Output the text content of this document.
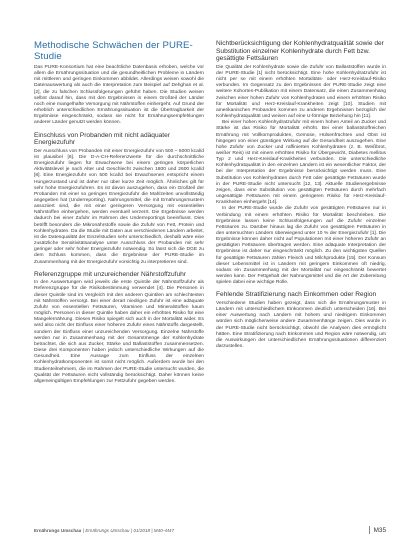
Methodische Schwächen der PURE-Studie

Das PURE-Konsortium hat eine beachtliche Datenbasis erhoben, welche vor allem die Ernährungssituation und die gesundheitlichen Probleme in Ländern mit mittleren und geringen Einkommen abbildet. Allerdings weisen sowohl die Datenauswertung als auch die Interpretation zum Beispiel auf Dehghan et al. [2], die zu falschen Schlussfolgerungen geführt haben. Die Studien weisen selbst darauf hin, dass mit den Ergebnissen in einem Großteil der Länder noch eine mangelhafte Versorgung mit Nährstoffen einhergeht. Auf Grund der erheblich unterschiedlichen Ernährungssituation ist die Übertragbarkeit der Ergebnisse eingeschränkt, sodass sie nicht für Ernährungsempfehlungen anderer Länder genutzt werden können.

Einschluss von Probanden mit nicht adäquater Energiezufuhr

Der Ausschluss von Probanden mit einer Energiezufuhr von 500 – 5000 kcal/d ist plausibel [6]. Die D-A-CH-Referenzwerte für die durchschnittliche Energiezufuhr liegen für Erwachsene bei einem geringen körperlichen Aktivitätslevel je nach Alter und Geschlecht zwischen 1800 und 2600 kcal/d [8]. Eine Energiezufuhr von 500 kcal/d bei Erwachsenen entspricht einem Hungerzustand und ist daher nur über kurze Zeit möglich. Ähnliches gilt für sehr hohe Energiezufuhren. Es ist davon auszugehen, dass ein Großteil der Probanden mit einer so geringen Energiezufuhr die Mahlzeiten unvollständig angegeben hat (Underreporting). Nahrungsmittel, die mit Ernährungsmustern assoziiert sind, die mit einer geringeren Versorgung mit essentiellen Nährstoffen einhergehen, werden eventuell verzerrt. Die Ergebnisse werden dadurch bei einer Zufuhr im Rahmen des Underreportings beeinflusst. Dies betrifft besonders die Mikronährstoffe sowie die Zufuhr von Fett, Protein und Kohlenhydraten. Da die Studie mit Daten aus verschiedenen Ländern arbeitet, ist die Datenqualität der Einzelstudien sehr unterschiedlich, deshalb wäre eine zusätzliche Sensitivitätsanalyse unter Ausschluss der Probanden mit sehr geringer oder sehr hoher Energiezufuhr notwendig. So lässt sich die DGE zu dem Schluss kommen, dass die Ergebnisse der PURE-Studie im Zusammenhang mit der Energiezufuhr vorsichtig zu interpretieren sind.

Referenzgruppe mit unzureichender Nährstoffzufuhr

In den Auswertungen wird jeweils die erste Quintile der Nährstoffzufuhr als Referenzgruppe für die Risikobestimmung verwendet [4]. Die Personen in dieser Quintile sind im Vergleich mit den anderen Quintilen am schlechtesten mit Nährstoffen versorgt. Bei einer derart niedrigen Zufuhr ist eine adäquate Zufuhr von essentiellen Fettsäuren, Vitaminen und Mineralstoffen kaum möglich. Personen in dieser Quintile haben daher ein erhöhtes Risiko für eine Mangelernährung. Dieses Risiko spiegelt sich auch in der Mortalität wider. Es wird also nicht der Einfluss einer höheren Zufuhr eines Nährstoffs dargestellt, sondern der Einfluss einer unzureichenden Versorgung. Einzelne Nährstoffe werden nur in Zusammenhang mit der Gesamtmenge der Kohlenhydrate betrachtet, die sich aus Zucker, Stärke und Ballaststoffen zusammensetzen. Diese drei Komponenten haben jedoch unterschiedliche Wirkungen auf die Gesundheit. Eine Aussage zum Einfluss der einzelnen Kohlenhydratkomponenten ist somit nicht möglich. Außerdem wurde bei den Studienteilnehmern, die im Rahmen der PURE-Studie untersucht wurden, die Qualität der Fettsäuren nicht vollständig berücksichtigt. Daher können keine allgemeingültigen Empfehlungen zur Fettzufuhr gegeben werden.

Nichtberücksichtigung der Kohlenhydratqualität sowie der Substitution einzelner Kohlenhydrate durch Fett bzw. gesättigte Fettsäuren

Die Qualität der Kohlenhydrate sowie die Zufuhr von Ballaststoffen wurde in der PURE-Studie [1] nicht berücksichtigt. Eine hohe Kohlenhydratzufuhr ist nicht per se mit einem erhöhten Mortalitäts- oder Herz-Kreislauf-Risiko verbunden. Im Gegensatz zu den Ergebnissen der PURE-Studie zeigt eine weitere Kohorten-Publikation mit einem Datensatz, die einen Zusammenhang zwischen einer hohen Zufuhr von Kohlenhydraten und einem erhöhten Risiko für Mortalität und Herz-Kreislauf-Krankheiten zeigt [10]. Studien mit amerikanischen Probanden kommen zu anderen Ergebnissen bezüglich der Kohlenhydratqualität und weisen auf eine U-förmige Beziehung hin [11].

Bei einer hohen Kohlenhydratzufuhr mit einem hohen Anteil an Zucker und Stärke ist das Risiko für Mortalität erhöht. Bei einer ballaststoffreichen Ernährung mit Vollkornprodukten, Gemüse, Hülsenfrüchten und Obst ist hingegen von einer günstigen Wirkung auf die Gesundheit auszugehen. Eine hohe Zufuhr von Zucker und raffinierten Kohlenhydraten (z. B. Weißbrot, weißer Reis) ist mit einem erhöhten Risiko für Übergewicht, Diabetes mellitus Typ 2 und Herz-Kreislauf-Krankheiten verbunden. Die unterschiedliche Kohlenhydratqualität in den einzelnen Ländern ist ein wesentlicher Faktor, der bei der Interpretation der Ergebnisse berücksichtigt werden muss. Eine Substitution von Kohlenhydraten durch Fett oder gesättigte Fettsäuren wurde in der PURE-Studie nicht untersucht [12, 13]. Aktuelle Studienergebnisse zeigen, dass eine Substitution von gesättigten Fettsäuren durch mehrfach ungesättigte Fettsäuren mit einem geringeren Risiko für Herz-Kreislauf-Krankheiten einhergeht [14].

In der PURE-Studie wurde die Zufuhr von gesättigten Fettsäuren nur in Verbindung mit einem erhöhten Risiko für Mortalität beschrieben. Die Ergebnisse lassen keine Schlussfolgerungen auf die Zufuhr einzelner Fettsäuren zu. Darüber hinaus lag die Zufuhr von gesättigten Fettsäuren in den untersuchten Ländern überwiegend unter 10 % der Energiezufuhr [1]. Die Ergebnisse können daher nicht auf Populationen mit einer höheren Zufuhr an gesättigten Fettsäuren übertragen werden. Eine adäquate Interpretation der Ergebnisse ist daher nur eingeschränkt möglich. Zu den wichtigsten Quellen für gesättigte Fettsäuren zählen Fleisch und Milchprodukte [15]. Der Konsum dieser Lebensmittel ist in Ländern mit geringem Einkommen oft niedrig, sodass ein Zusammenhang mit der Mortalität nur eingeschränkt bewertet werden kann. Der Fettgehalt der Nahrungsmittel und die Art der Zubereitung spielen dabei eine wichtige Rolle.

Fehlende Stratifizierung nach Einkommen oder Region

Verschiedene Studien haben gezeigt, dass sich die Ernährungsmuster in Ländern mit unterschiedlichem Einkommen deutlich unterscheiden [16]. Bei einer Auswertung nach Ländern mit hohem und niedrigem Einkommen würden sich möglicherweise andere Zusammenhänge zeigen. Dies wurde in der PURE-Studie nicht berücksichtigt, obwohl die Analysen dies ermöglicht hätten. Eine Stratifizierung nach Einkommen und Region wäre notwendig, um die Auswirkungen der unterschiedlichen Ernährungssituationen differenziert darzustellen.

Ernährungs Umschau | Ernährungs Umschau | 01/2018 | M40–M47	M35
